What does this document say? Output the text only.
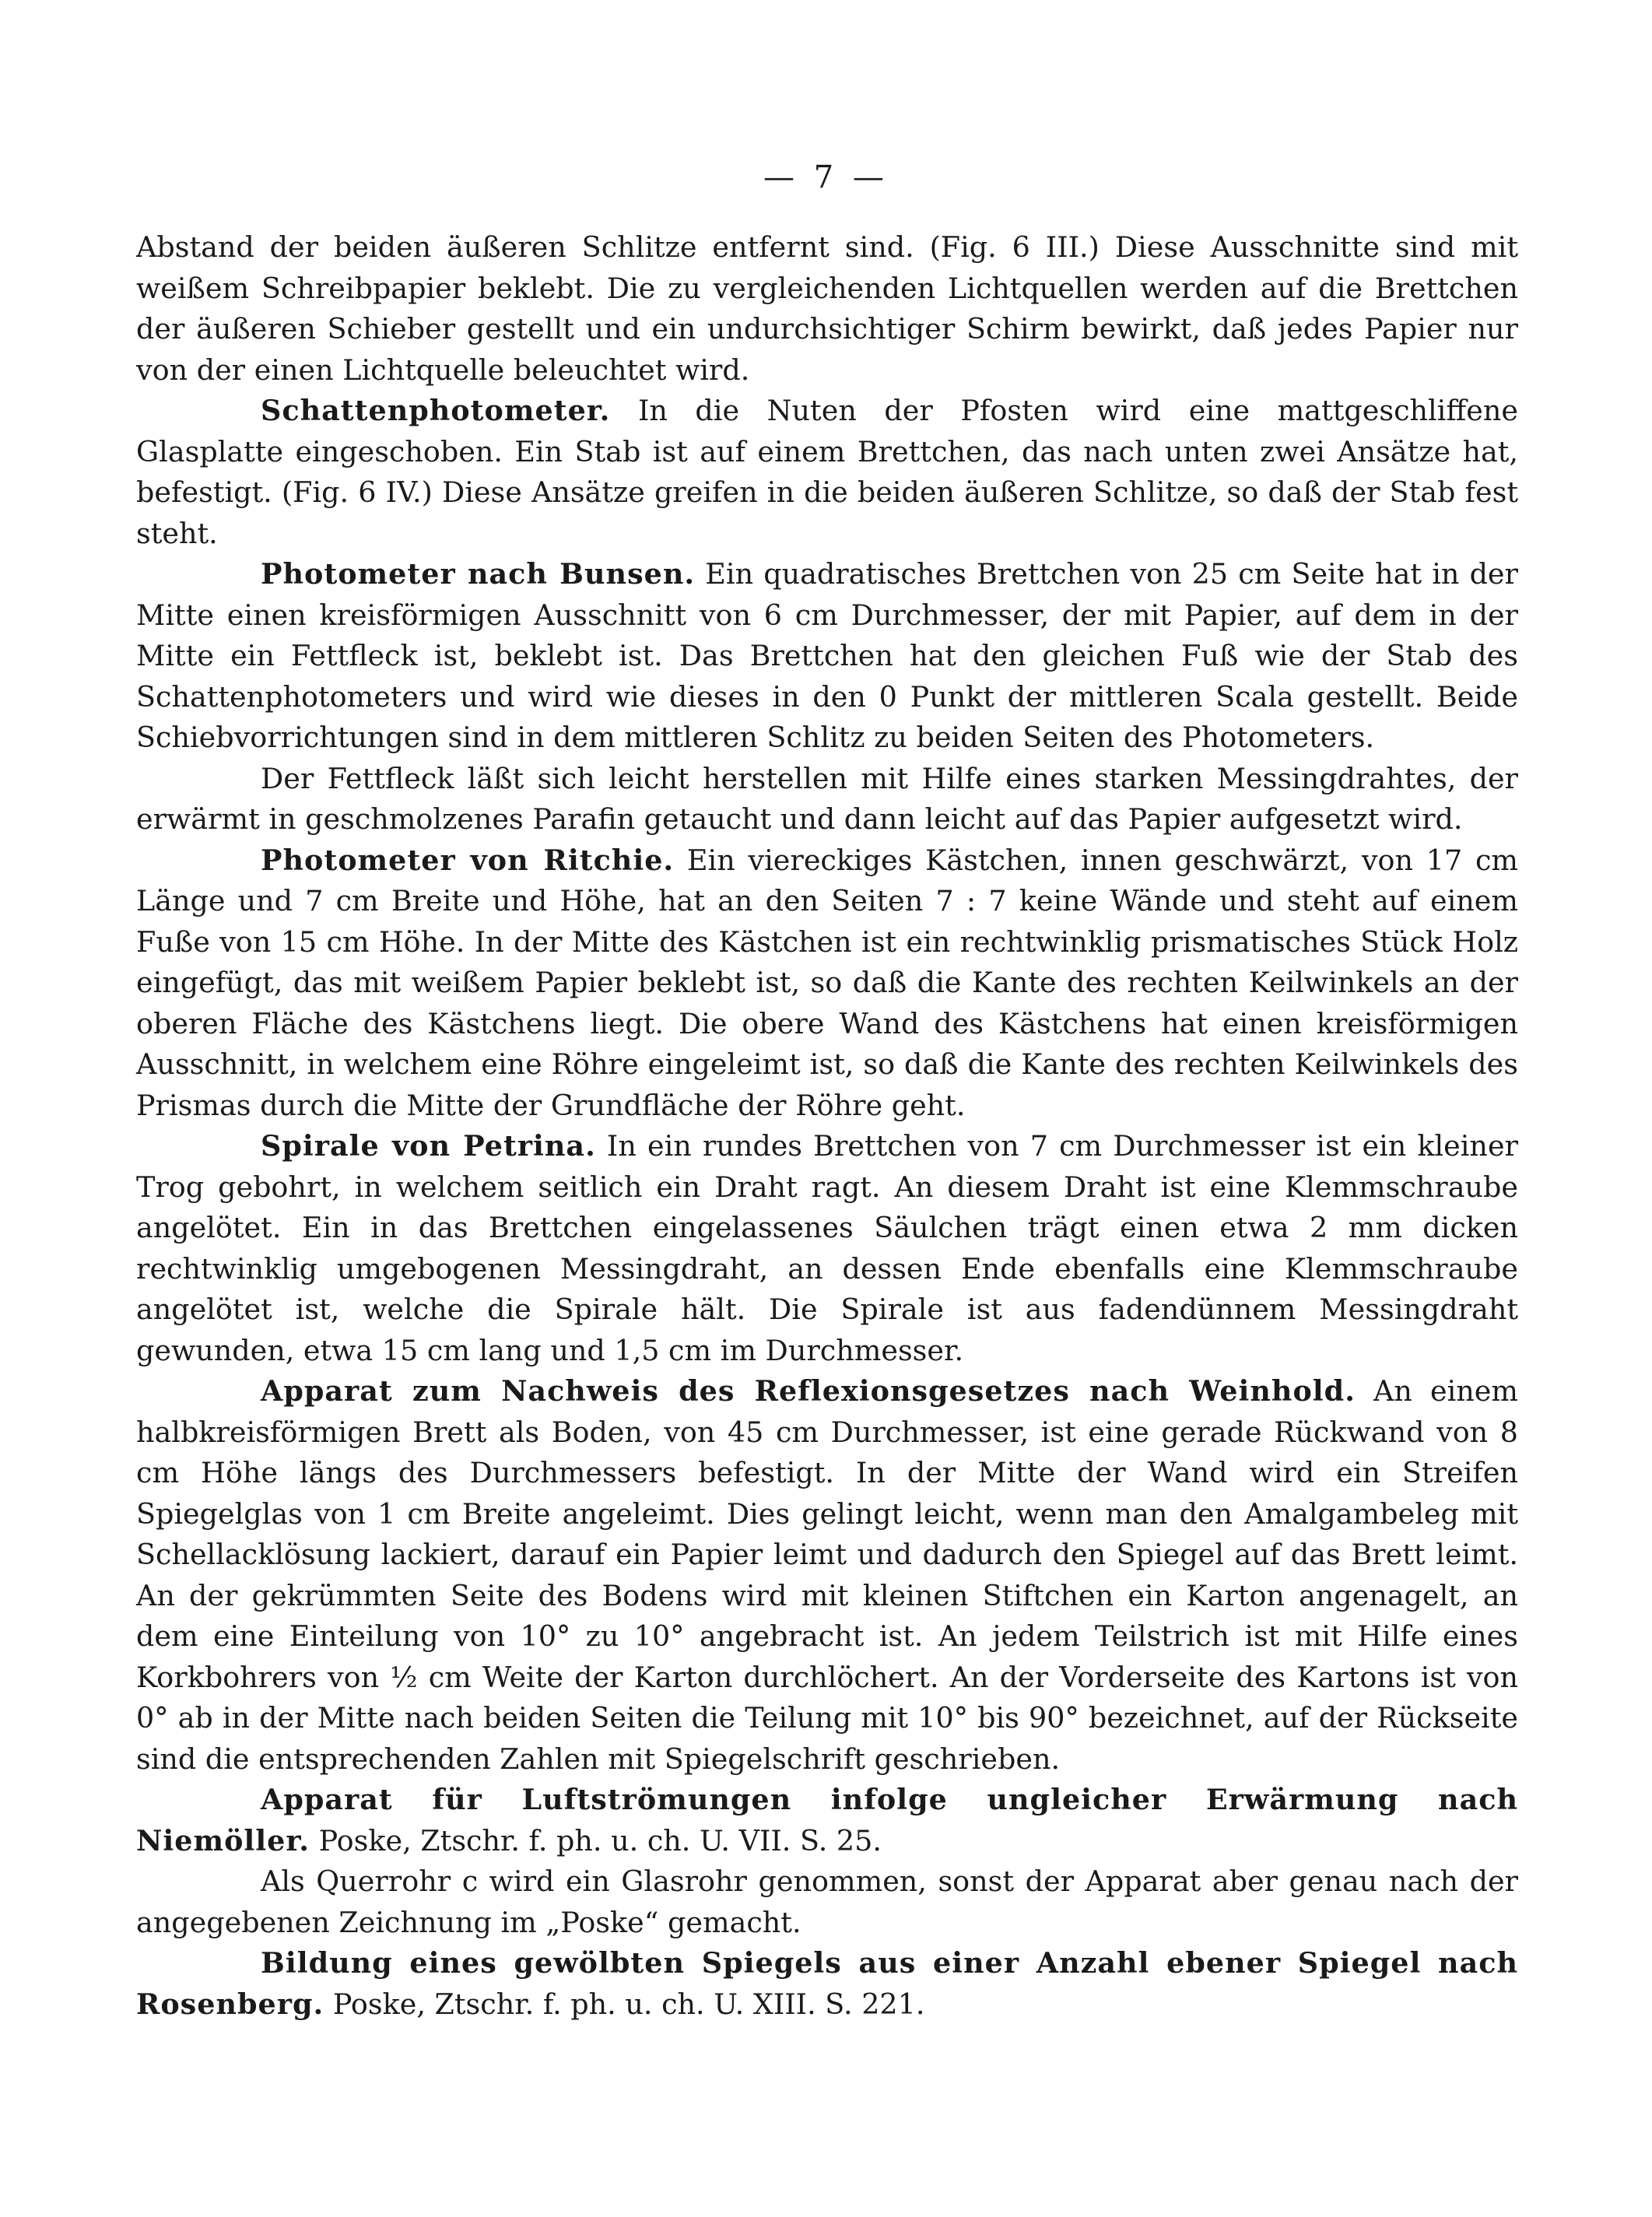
— 7 —

Abstand der beiden äußeren Schlitze entfernt sind. (Fig. 6 III.) Diese Ausschnitte sind mit weißem Schreibpapier beklebt. Die zu vergleichenden Lichtquellen werden auf die Brettchen der äußeren Schieber gestellt und ein undurchsichtiger Schirm bewirkt, daß jedes Papier nur von der einen Lichtquelle beleuchtet wird.

Schattenphotometer. In die Nuten der Pfosten wird eine mattgeschliffene Glasplatte eingeschoben. Ein Stab ist auf einem Brettchen, das nach unten zwei Ansätze hat, befestigt. (Fig. 6 IV.) Diese Ansätze greifen in die beiden äußeren Schlitze, so daß der Stab fest steht.

Photometer nach Bunsen. Ein quadratisches Brettchen von 25 cm Seite hat in der Mitte einen kreisförmigen Ausschnitt von 6 cm Durchmesser, der mit Papier, auf dem in der Mitte ein Fettfleck ist, beklebt ist. Das Brettchen hat den gleichen Fuß wie der Stab des Schattenphotometers und wird wie dieses in den 0 Punkt der mittleren Scala gestellt. Beide Schiebvorrichtungen sind in dem mittleren Schlitz zu beiden Seiten des Photometers.

Der Fettfleck läßt sich leicht herstellen mit Hilfe eines starken Messingdrahtes, der erwärmt in geschmolzenes Parafin getaucht und dann leicht auf das Papier aufgesetzt wird.

Photometer von Ritchie. Ein viereckiges Kästchen, innen geschwärzt, von 17 cm Länge und 7 cm Breite und Höhe, hat an den Seiten 7 : 7 keine Wände und steht auf einem Fuße von 15 cm Höhe. In der Mitte des Kästchen ist ein rechtwinklig prismatisches Stück Holz eingefügt, das mit weißem Papier beklebt ist, so daß die Kante des rechten Keilwinkels an der oberen Fläche des Kästchens liegt. Die obere Wand des Kästchens hat einen kreisförmigen Ausschnitt, in welchem eine Röhre eingeleimt ist, so daß die Kante des rechten Keilwinkels des Prismas durch die Mitte der Grundfläche der Röhre geht.

Spirale von Petrina. In ein rundes Brettchen von 7 cm Durchmesser ist ein kleiner Trog gebohrt, in welchem seitlich ein Draht ragt. An diesem Draht ist eine Klemmschraube angelötet. Ein in das Brettchen eingelassenes Säulchen trägt einen etwa 2 mm dicken rechtwinklig umgebogenen Messingdraht, an dessen Ende ebenfalls eine Klemmschraube angelötet ist, welche die Spirale hält. Die Spirale ist aus fadendünnem Messingdraht gewunden, etwa 15 cm lang und 1,5 cm im Durchmesser.

Apparat zum Nachweis des Reflexionsgesetzes nach Weinhold. An einem halbkreisförmigen Brett als Boden, von 45 cm Durchmesser, ist eine gerade Rückwand von 8 cm Höhe längs des Durchmessers befestigt. In der Mitte der Wand wird ein Streifen Spiegelglas von 1 cm Breite angeleimt. Dies gelingt leicht, wenn man den Amalgambeleg mit Schellacklösung lackiert, darauf ein Papier leimt und dadurch den Spiegel auf das Brett leimt. An der gekrümmten Seite des Bodens wird mit kleinen Stiftchen ein Karton angenagelt, an dem eine Einteilung von 10° zu 10° angebracht ist. An jedem Teilstrich ist mit Hilfe eines Korkbohrers von ½ cm Weite der Karton durchlöchert. An der Vorderseite des Kartons ist von 0° ab in der Mitte nach beiden Seiten die Teilung mit 10° bis 90° bezeichnet, auf der Rückseite sind die entsprechenden Zahlen mit Spiegelschrift geschrieben.

Apparat für Luftströmungen infolge ungleicher Erwärmung nach Niemöller. Poske, Ztschr. f. ph. u. ch. U. VII. S. 25.

Als Querrohr c wird ein Glasrohr genommen, sonst der Apparat aber genau nach der angegebenen Zeichnung im „Poske“ gemacht.

Bildung eines gewölbten Spiegels aus einer Anzahl ebener Spiegel nach Rosenberg. Poske, Ztschr. f. ph. u. ch. U. XIII. S. 221.
